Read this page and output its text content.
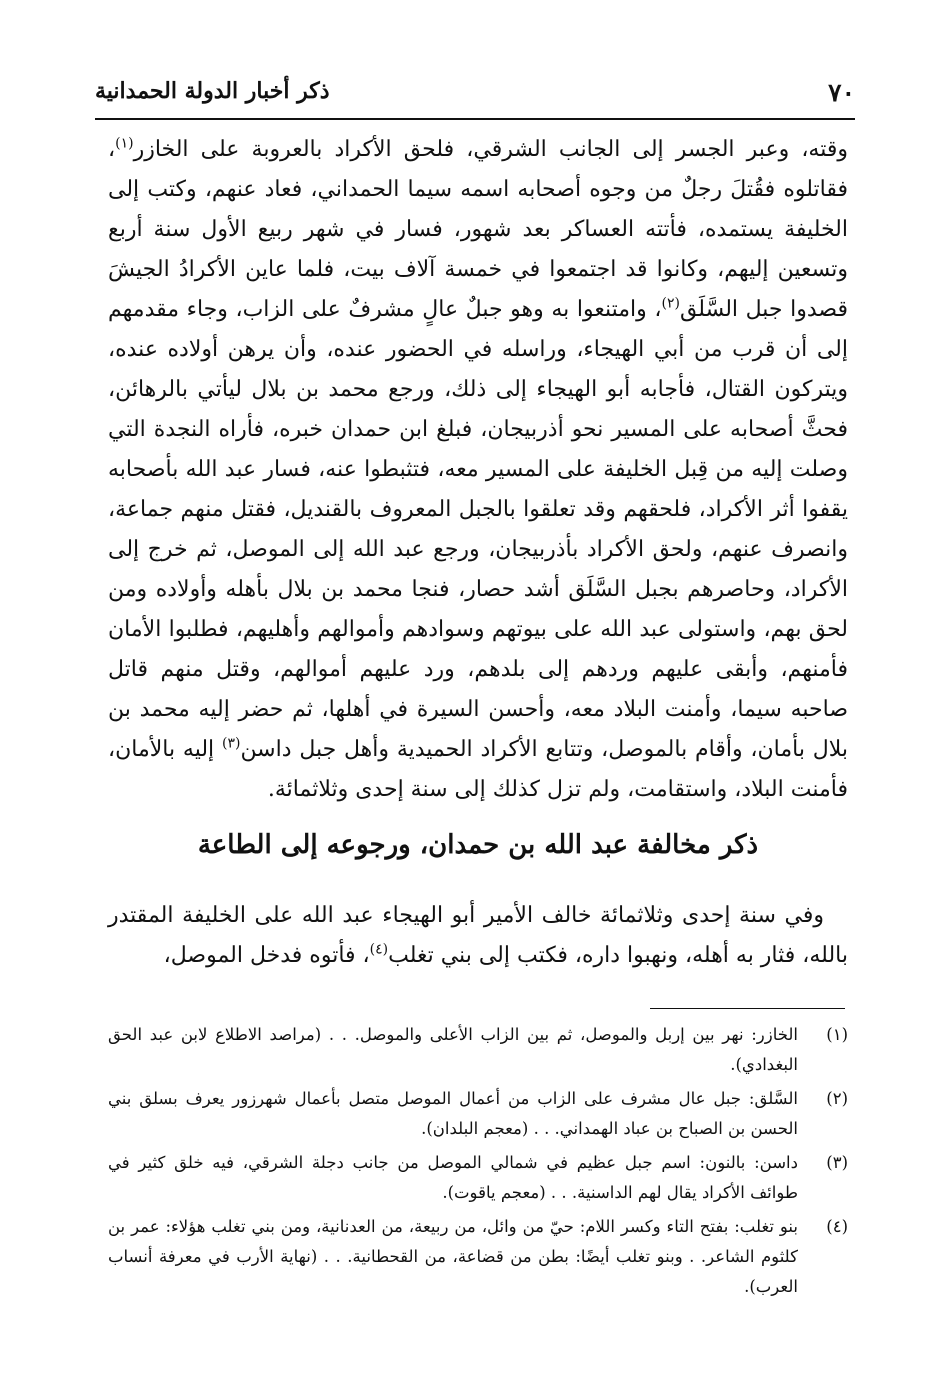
٧٠
ذكر أخبار الدولة الحمدانية

وقته، وعبر الجسر إلى الجانب الشرقي، فلحق الأكراد بالعروبة على الخازر$^{(١)}$، فقاتلوه فقُتلَ رجلٌ من وجوه أصحابه اسمه سيما الحمداني، فعاد عنهم، وكتب إلى الخليفة يستمده، فأتته العساكر بعد شهور، فسار في شهر ربيع الأول سنة أربع وتسعين إليهم، وكانوا قد اجتمعوا في خمسة آلاف بيت، فلما عاين الأكرادُ الجيشَ قصدوا جبل السَّلَق$^{(٢)}$، وامتنعوا به وهو جبلٌ عالٍ مشرفٌ على الزاب، وجاء مقدمهم إلى أن قرب من أبي الهيجاء، وراسله في الحضور عنده، وأن يرهن أولاده عنده، ويتركون القتال، فأجابه أبو الهيجاء إلى ذلك، ورجع محمد بن بلال ليأتي بالرهائن، فحثَّ أصحابه على المسير نحو أذربيجان، فبلغ ابن حمدان خبره، فأراه النجدة التي وصلت إليه من قِبل الخليفة على المسير معه، فتثبطوا عنه، فسار عبد الله بأصحابه يقفوا أثر الأكراد، فلحقهم وقد تعلقوا بالجبل المعروف بالقنديل، فقتل منهم جماعة، وانصرف عنهم، ولحق الأكراد بأذربيجان، ورجع عبد الله إلى الموصل، ثم خرج إلى الأكراد، وحاصرهم بجبل السَّلَق أشد حصار، فنجا محمد بن بلال بأهله وأولاده ومن لحق بهم، واستولى عبد الله على بيوتهم وسوادهم وأموالهم وأهليهم، فطلبوا الأمان فأمنهم، وأبقى عليهم وردهم إلى بلدهم، ورد عليهم أموالهم، وقتل منهم قاتل صاحبه سيما، وأمنت البلاد معه، وأحسن السيرة في أهلها، ثم حضر إليه محمد بن بلال بأمان، وأقام بالموصل، وتتابع الأكراد الحميدية وأهل جبل داسن$^{(٣)}$ إليه بالأمان، فأمنت البلاد، واستقامت، ولم تزل كذلك إلى سنة إحدى وثلاثمائة.

ذكر مخالفة عبد الله بن حمدان، ورجوعه إلى الطاعة

وفي سنة إحدى وثلاثمائة خالف الأمير أبو الهيجاء عبد الله على الخليفة المقتدر بالله، فثار به أهله، ونهبوا داره، فكتب إلى بني تغلب$^{(٤)}$، فأتوه فدخل الموصل،

(١)
الخازر: نهر بين إربل والموصل، ثم بين الزاب الأعلى والموصل. . . (مراصد الاطلاع لابن عبد الحق البغدادي).
(٢)
السَّلق: جبل عال مشرف على الزاب من أعمال الموصل متصل بأعمال شهرزور يعرف بسلق بني الحسن بن الصباح بن عباد الهمداني. . . (معجم البلدان).
(٣)
داسن: بالنون: اسم جبل عظيم في شمالي الموصل من جانب دجلة الشرقي، فيه خلق كثير في طوائف الأكراد يقال لهم الداسنية. . . (معجم ياقوت).
(٤)
بنو تغلب: بفتح التاء وكسر اللام: حيّ من وائل، من ربيعة، من العدنانية، ومن بني تغلب هؤلاء: عمر بن كلثوم الشاعر. . وبنو تغلب أيضًا: بطن من قضاعة، من القحطانية. . . (نهاية الأرب في معرفة أنساب العرب).
